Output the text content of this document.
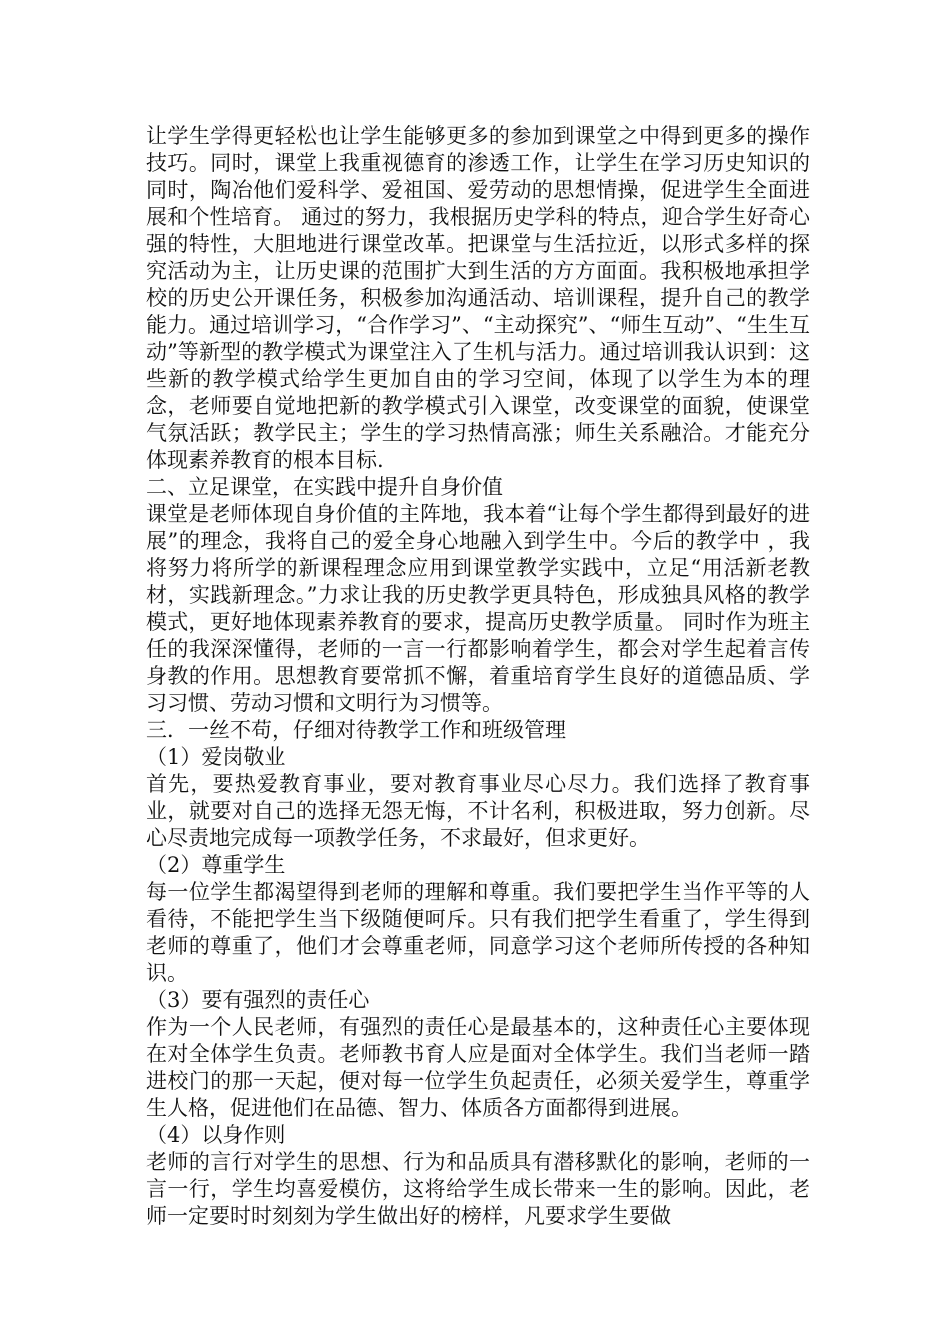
让学生学得更轻松也让学生能够更多的参加到课堂之中得到更多的操作技巧。同时，课堂上我重视德育的渗透工作，让学生在学习历史知识的同时，陶冶他们爱科学、爱祖国、爱劳动的思想情操，促进学生全面进展和个性培育。 通过的努力，我根据历史学科的特点，迎合学生好奇心强的特性，大胆地进行课堂改革。把课堂与生活拉近，以形式多样的探究活动为主，让历史课的范围扩大到生活的方方面面。我积极地承担学校的历史公开课任务，积极参加沟通活动、培训课程，提升自己的教学能力。通过培训学习，“合作学习”、“主动探究”、“师生互动”、“生生互动”等新型的教学模式为课堂注入了生机与活力。通过培训我认识到：这些新的教学模式给学生更加自由的学习空间，体现了以学生为本的理念，老师要自觉地把新的教学模式引入课堂，改变课堂的面貌，使课堂气氛活跃；教学民主；学生的学习热情高涨；师生关系融洽。才能充分体现素养教育的根本目标.

二、立足课堂，在实践中提升自身价值

课堂是老师体现自身价值的主阵地，我本着“让每个学生都得到最好的进展”的理念，我将自己的爱全身心地融入到学生中。今后的教学中 ，我将努力将所学的新课程理念应用到课堂教学实践中，立足“用活新老教材，实践新理念。”力求让我的历史教学更具特色，形成独具风格的教学模式，更好地体现素养教育的要求，提高历史教学质量。 同时作为班主任的我深深懂得，老师的一言一行都影响着学生，都会对学生起着言传身教的作用。思想教育要常抓不懈，着重培育学生良好的道德品质、学习习惯、劳动习惯和文明行为习惯等。

三．一丝不苟，仔细对待教学工作和班级管理

（1）爱岗敬业

首先，要热爱教育事业，要对教育事业尽心尽力。我们选择了教育事业，就要对自己的选择无怨无悔，不计名利，积极进取，努力创新。尽心尽责地完成每一项教学任务，不求最好，但求更好。

（2）尊重学生

每一位学生都渴望得到老师的理解和尊重。我们要把学生当作平等的人看待，不能把学生当下级随便呵斥。只有我们把学生看重了，学生得到老师的尊重了，他们才会尊重老师，同意学习这个老师所传授的各种知识。

（3）要有强烈的责任心

作为一个人民老师，有强烈的责任心是最基本的，这种责任心主要体现在对全体学生负责。老师教书育人应是面对全体学生。我们当老师一踏进校门的那一天起，便对每一位学生负起责任，必须关爱学生，尊重学生人格，促进他们在品德、智力、体质各方面都得到进展。

（4）以身作则

老师的言行对学生的思想、行为和品质具有潜移默化的影响，老师的一言一行，学生均喜爱模仿，这将给学生成长带来一生的影响。因此，老师一定要时时刻刻为学生做出好的榜样，凡要求学生要做
